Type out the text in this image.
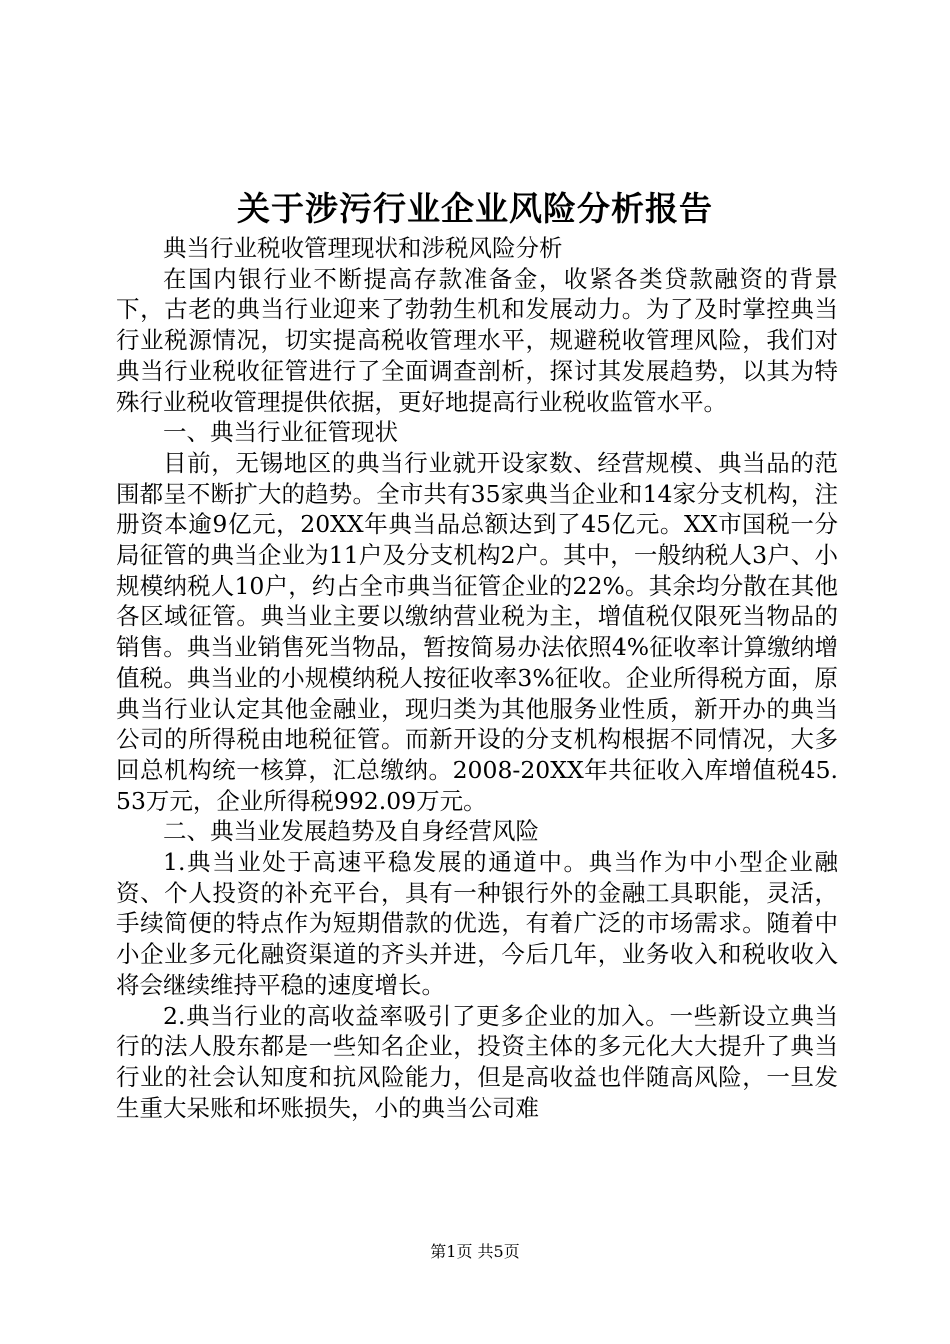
关于涉污行业企业风险分析报告

典当行业税收管理现状和涉税风险分析

在国内银行业不断提高存款准备金，收紧各类贷款融资的背景下，古老的典当行业迎来了勃勃生机和发展动力。为了及时掌控典当行业税源情况，切实提高税收管理水平，规避税收管理风险，我们对典当行业税收征管进行了全面调查剖析，探讨其发展趋势，以其为特殊行业税收管理提供依据，更好地提高行业税收监管水平。

一、典当行业征管现状

目前，无锡地区的典当行业就开设家数、经营规模、典当品的范围都呈不断扩大的趋势。全市共有35家典当企业和14家分支机构，注册资本逾9亿元，20XX年典当品总额达到了45亿元。XX市国税一分局征管的典当企业为11户及分支机构2户。其中，一般纳税人3户、小规模纳税人10户，约占全市典当征管企业的22%。其余均分散在其他各区域征管。典当业主要以缴纳营业税为主，增值税仅限死当物品的销售。典当业销售死当物品，暂按简易办法依照4%征收率计算缴纳增值税。典当业的小规模纳税人按征收率3%征收。企业所得税方面，原典当行业认定其他金融业，现归类为其他服务业性质，新开办的典当公司的所得税由地税征管。而新开设的分支机构根据不同情况，大多回总机构统一核算，汇总缴纳。2008-20XX年共征收入库增值税45.53万元，企业所得税992.09万元。

二、典当业发展趋势及自身经营风险

1.典当业处于高速平稳发展的通道中。典当作为中小型企业融资、个人投资的补充平台，具有一种银行外的金融工具职能，灵活，手续简便的特点作为短期借款的优选，有着广泛的市场需求。随着中小企业多元化融资渠道的齐头并进，今后几年，业务收入和税收收入将会继续维持平稳的速度增长。

2.典当行业的高收益率吸引了更多企业的加入。一些新设立典当行的法人股东都是一些知名企业，投资主体的多元化大大提升了典当行业的社会认知度和抗风险能力，但是高收益也伴随高风险，一旦发生重大呆账和坏账损失，小的典当公司难

第1页 共5页
